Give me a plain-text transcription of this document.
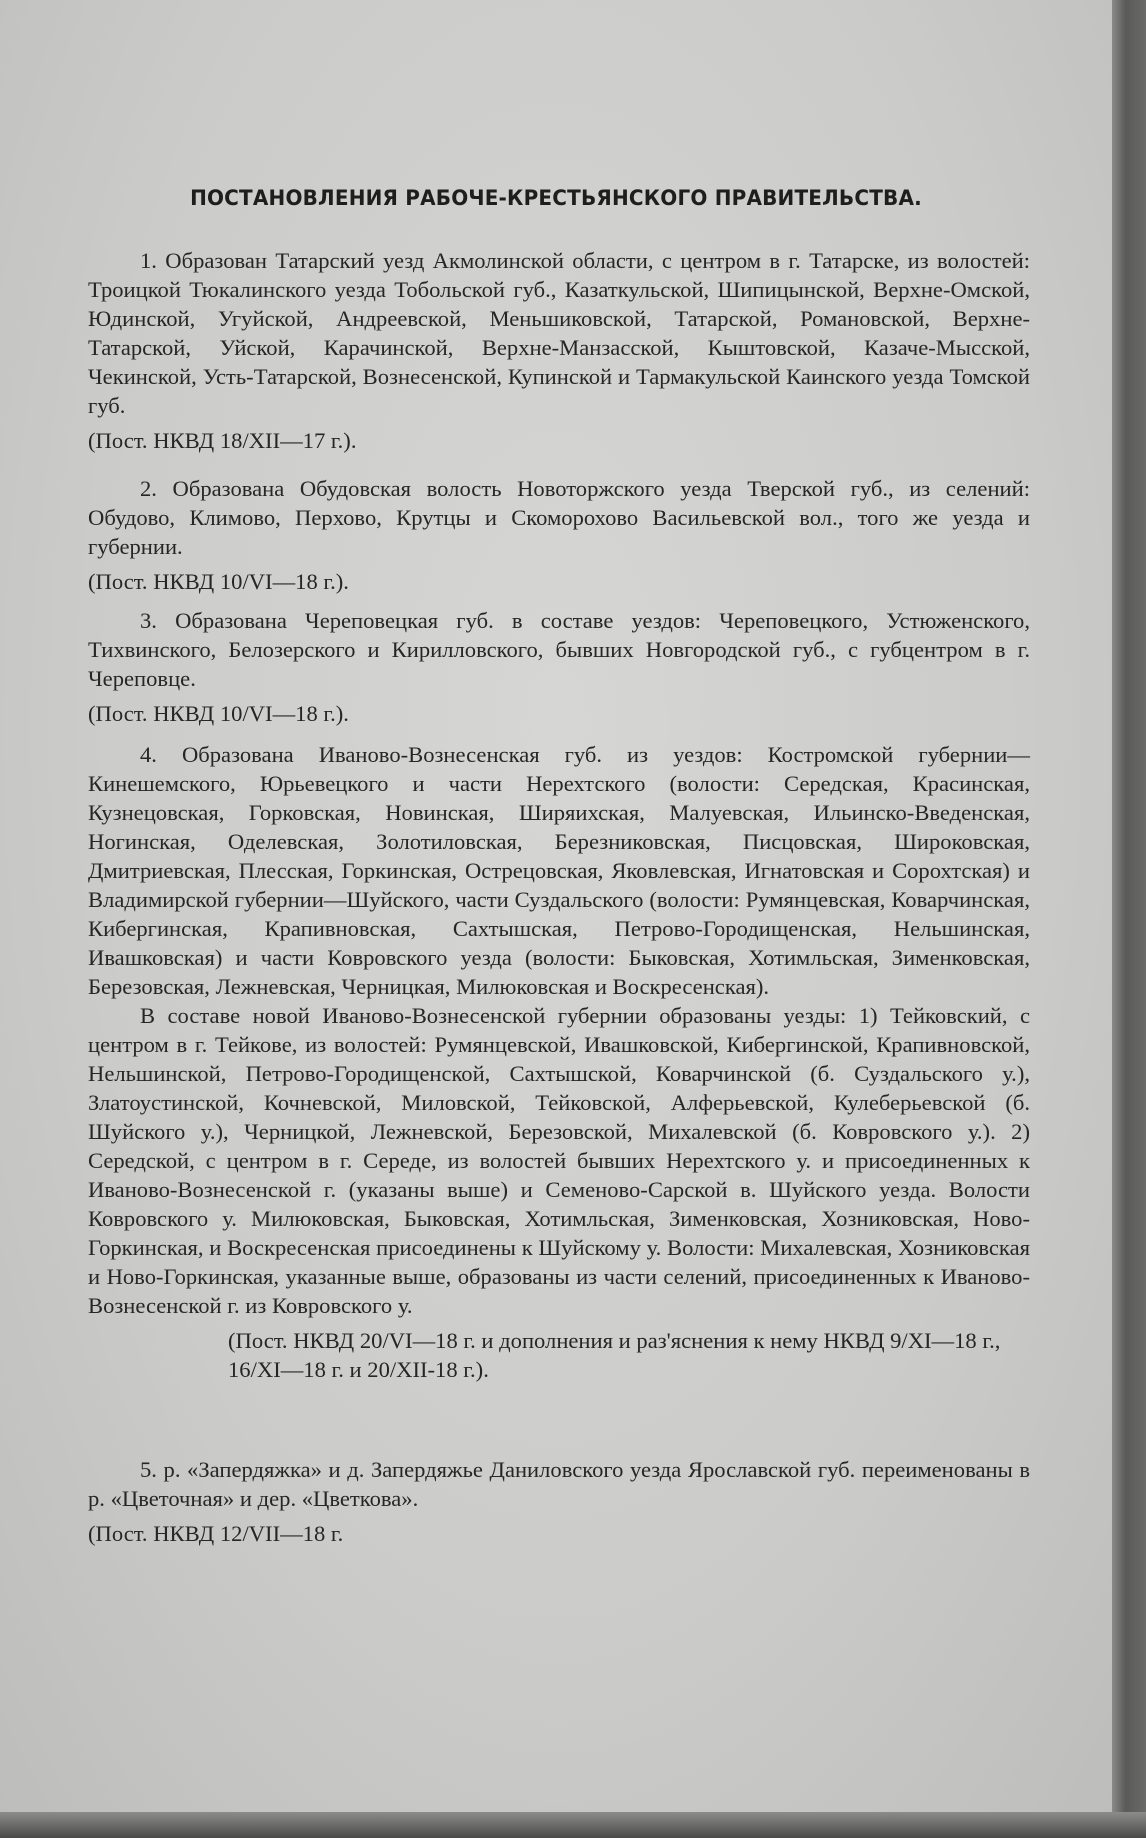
ПОСТАНОВЛЕНИЯ РАБОЧЕ-КРЕСТЬЯНСКОГО ПРАВИТЕЛЬСТВА.

1. Образован Татарский уезд Акмолинской области, с центром в г. Татарске, из волостей: Троицкой Тюкалинского уезда Тобольской губ., Казаткульской, Шипицынской, Верхне-Омской, Юдинской, Угуйской, Андреевской, Меньшиковской, Татарской, Романовской, Верхне-Татарской, Уйской, Карачинской, Верхне-Манзасской, Кыштовской, Казаче-Мысской, Чекинской, Усть-Татарской, Вознесенской, Купинской и Тармакульской Каинского уезда Томской губ.

(Пост. НКВД 18/XII—17 г.).

2. Образована Обудовская волость Новоторжского уезда Тверской губ., из селений: Обудово, Климово, Перхово, Крутцы и Скоморохово Васильевской вол., того же уезда и губернии.

(Пост. НКВД 10/VI—18 г.).

3. Образована Череповецкая губ. в составе уездов: Череповецкого, Устюженского, Тихвинского, Белозерского и Кирилловского, бывших Новгородской губ., с губцентром в г. Череповце.

(Пост. НКВД 10/VI—18 г.).

4. Образована Иваново-Вознесенская губ. из уездов: Костромской губернии—Кинешемского, Юрьевецкого и части Нерехтского (волости: Середская, Красинская, Кузнецовская, Горковская, Новинская, Ширяихская, Малуевская, Ильинско-Введенская, Ногинская, Оделевская, Золотиловская, Березниковская, Писцовская, Широковская, Дмитриевская, Плесская, Горкинская, Острецовская, Яковлевская, Игнатовская и Сорохтская) и Владимирской губернии—Шуйского, части Суздальского (волости: Румянцевская, Коварчинская, Кибергинская, Крапивновская, Сахтышская, Петрово-Городищенская, Нельшинская, Ивашковская) и части Ковровского уезда (волости: Быковская, Хотимльская, Зименковская, Березовская, Лежневская, Черницкая, Милюковская и Воскресенская).

В составе новой Иваново-Вознесенской губернии образованы уезды: 1) Тейковский, с центром в г. Тейкове, из волостей: Румянцевской, Ивашковской, Кибергинской, Крапивновской, Нельшинской, Петрово-Городищенской, Сахтышской, Коварчинской (б. Суздальского у.), Златоустинской, Кочневской, Миловской, Тейковской, Алферьевской, Кулеберьевской (б. Шуйского у.), Черницкой, Лежневской, Березовской, Михалевской (б. Ковровского у.). 2) Середской, с центром в г. Середе, из волостей бывших Нерехтского у. и присоединенных к Иваново-Вознесенской г. (указаны выше) и Семеново-Сарской в. Шуйского уезда. Волости Ковровского у. Милюковская, Быковская, Хотимльская, Зименковская, Хозниковская, Ново-Горкинская, и Воскресенская присоединены к Шуйскому у. Волости: Михалевская, Хозниковская и Ново-Горкинская, указанные выше, образованы из части селений, присоединенных к Иваново-Вознесенской г. из Ковровского у.

(Пост. НКВД 20/VI—18 г. и дополнения и раз'яснения к нему НКВД 9/XI—18 г., 16/XI—18 г. и 20/XII-18 г.).

5. р. «Запердяжка» и д. Запердяжье Даниловского уезда Ярославской губ. переименованы в р. «Цветочная» и дер. «Цветкова».

(Пост. НКВД 12/VII—18 г.
